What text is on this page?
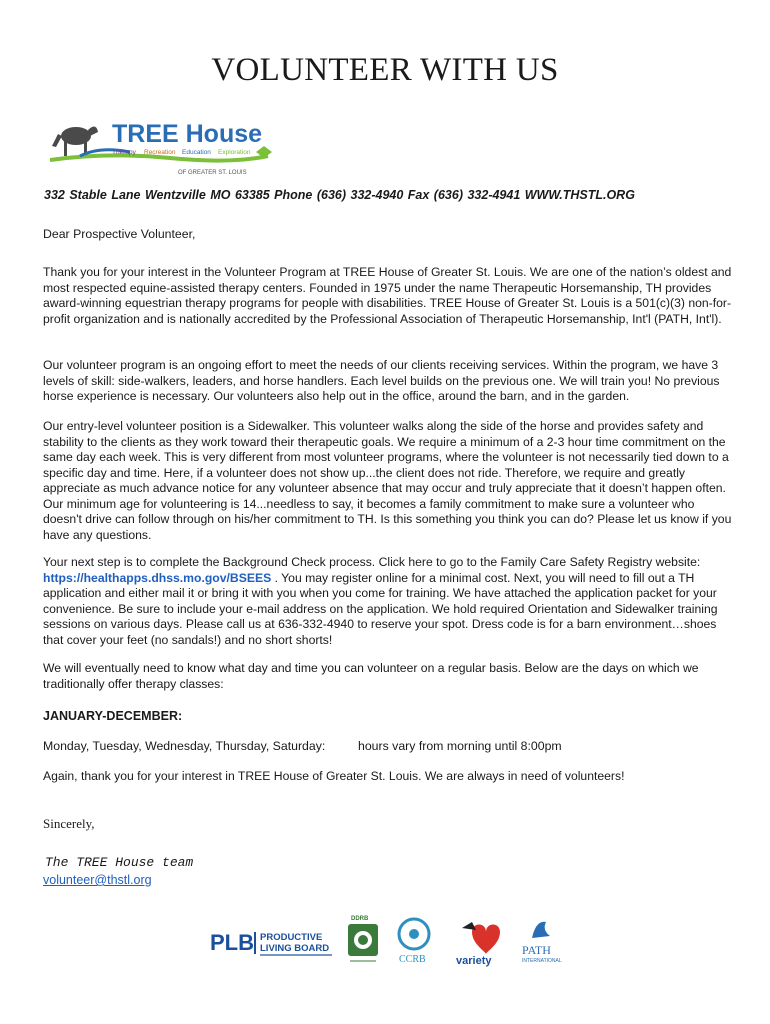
VOLUNTEER WITH US
TREE House
OF GREATER ST. LOUIS
Therapy Recreation Education Exploration
332 Stable Lane Wentzville MO 63385 Phone (636) 332-4940 Fax (636) 332-4941 WWW.THSTL.ORG
Dear Prospective Volunteer,

Thank you for your interest in the Volunteer Program at TREE House of Greater St. Louis. We are one of the nation’s oldest and most respected equine-assisted therapy centers. Founded in 1975 under the name Therapeutic Horsemanship, TH provides award-winning equestrian therapy programs for people with disabilities. TREE House of Greater St. Louis is a 501(c)(3) non-for-profit organization and is nationally accredited by the Professional Association of Therapeutic Horsemanship, Int'l (PATH, Int'l).

Our volunteer program is an ongoing effort to meet the needs of our clients receiving services. Within the program, we have 3 levels of skill: side-walkers, leaders, and horse handlers. Each level builds on the previous one. We will train you! No previous horse experience is necessary. Our volunteers also help out in the office, around the barn, and in the garden.

Our entry-level volunteer position is a Sidewalker. This volunteer walks along the side of the horse and provides safety and stability to the clients as they work toward their therapeutic goals. We require a minimum of a 2-3 hour time commitment on the same day each week. This is very different from most volunteer programs, where the volunteer is not necessarily tied down to a specific day and time. Here, if a volunteer does not show up...the client does not ride. Therefore, we require and greatly appreciate as much advance notice for any volunteer absence that may occur and truly appreciate that it doesn’t happen often. Our minimum age for volunteering is 14...needless to say, it becomes a family commitment to make sure a volunteer who doesn't drive can follow through on his/her commitment to TH. Is this something you think you can do? Please let us know if you have any questions.

Your next step is to complete the Background Check process. Click here to go to the Family Care Safety Registry website: https://healthapps.dhss.mo.gov/BSEES . You may register online for a minimal cost. Next, you will need to fill out a TH application and either mail it or bring it with you when you come for training. We have attached the application packet for your convenience. Be sure to include your e-mail address on the application. We hold required Orientation and Sidewalker training sessions on various days. Please call us at 636-332-4940 to reserve your spot. Dress code is for a barn environment…shoes that cover your feet (no sandals!) and no short shorts!

We will eventually need to know what day and time you can volunteer on a regular basis. Below are the days on which we traditionally offer therapy classes:

JANUARY-DECEMBER:
Monday, Tuesday, Wednesday, Thursday, Saturday:	hours vary from morning until 8:00pm

Again, thank you for your interest in TREE House of Greater St. Louis. We are always in need of volunteers!

Sincerely,
The TREE House team
volunteer@thstl.org
PLB PRODUCTIVE
LIVING BOARD
DDRB
CCRB	variety
PATH
INTERNATIONAL
